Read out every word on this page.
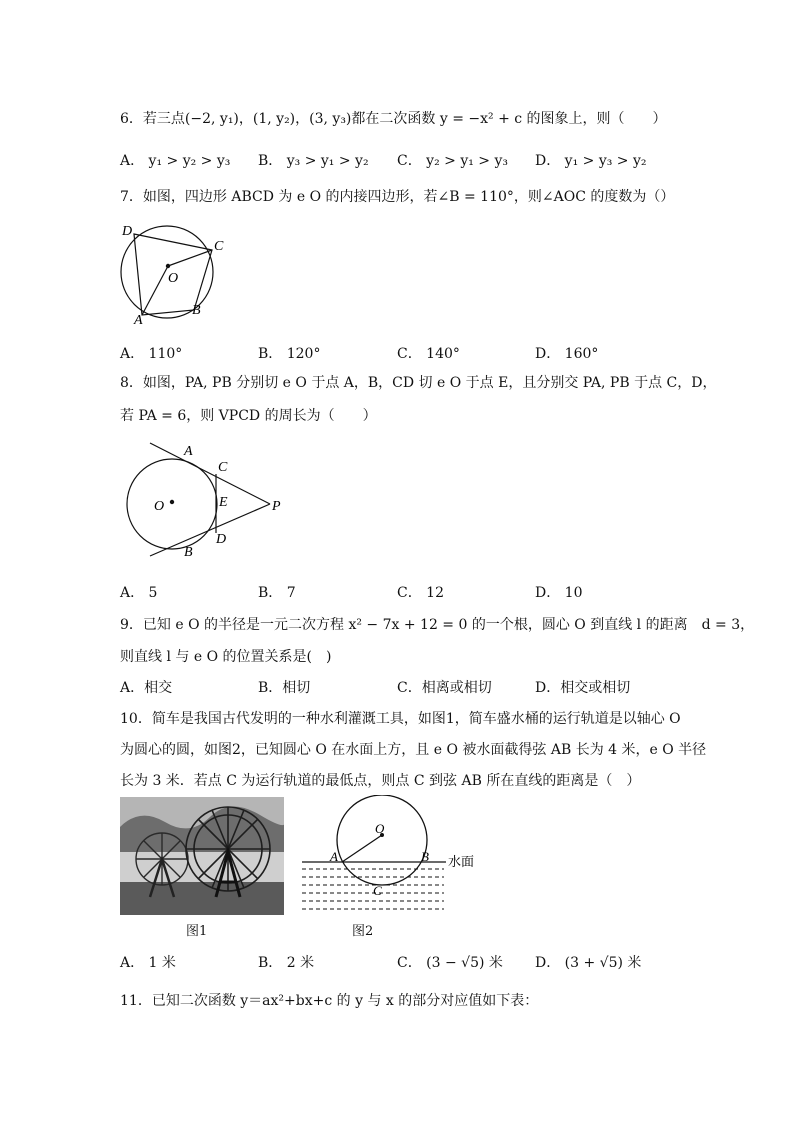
6．若三点(−2, y₁)，(1, y₂)，(3, y₃)都在二次函数 y = −x² + c 的图象上，则（　　）
A． y₁ > y₂ > y₃ B． y₃ > y₁ > y₂ C． y₂ > y₁ > y₃ D． y₁ > y₃ > y₂
7．如图，四边形 ABCD 为 e O 的内接四边形，若∠B = 110°，则∠AOC 的度数为（）
D
C
O
A
B
A． 110°	B． 120°	C． 140°	D． 160°
8．如图，PA, PB 分别切 e O 于点 A，B，CD 切 e O 于点 E，且分别交 PA, PB 于点 C，D，
若 PA = 6，则 VPCD 的周长为（　　）
A
C
O	E	P
B
D
A． 5	B． 7	C． 12	D． 10
9．已知 e O 的半径是一元二次方程 x² − 7x + 12 = 0 的一个根，圆心 O 到直线 l 的距离　d = 3，
则直线 l 与 e O 的位置关系是(　)
A．相交	B．相切	C．相离或相切	D．相交或相切
10．简车是我国古代发明的一种水利灌溉工具，如图1，简车盛水桶的运行轨道是以轴心 O
为圆心的圆，如图2，已知圆心 O 在水面上方，且 e O 被水面截得弦 AB 长为 4 米，e O 半径
长为 3 米．若点 C 为运行轨道的最低点，则点 C 到弦 AB 所在直线的距离是（　）
图1
O
A	B
C
水面
图2
A． 1 米	B． 2 米	C． (3 − √5) 米 D． (3 + √5) 米
11．已知二次函数 y＝ax²+bx+c 的 y 与 x 的部分对应值如下表：
